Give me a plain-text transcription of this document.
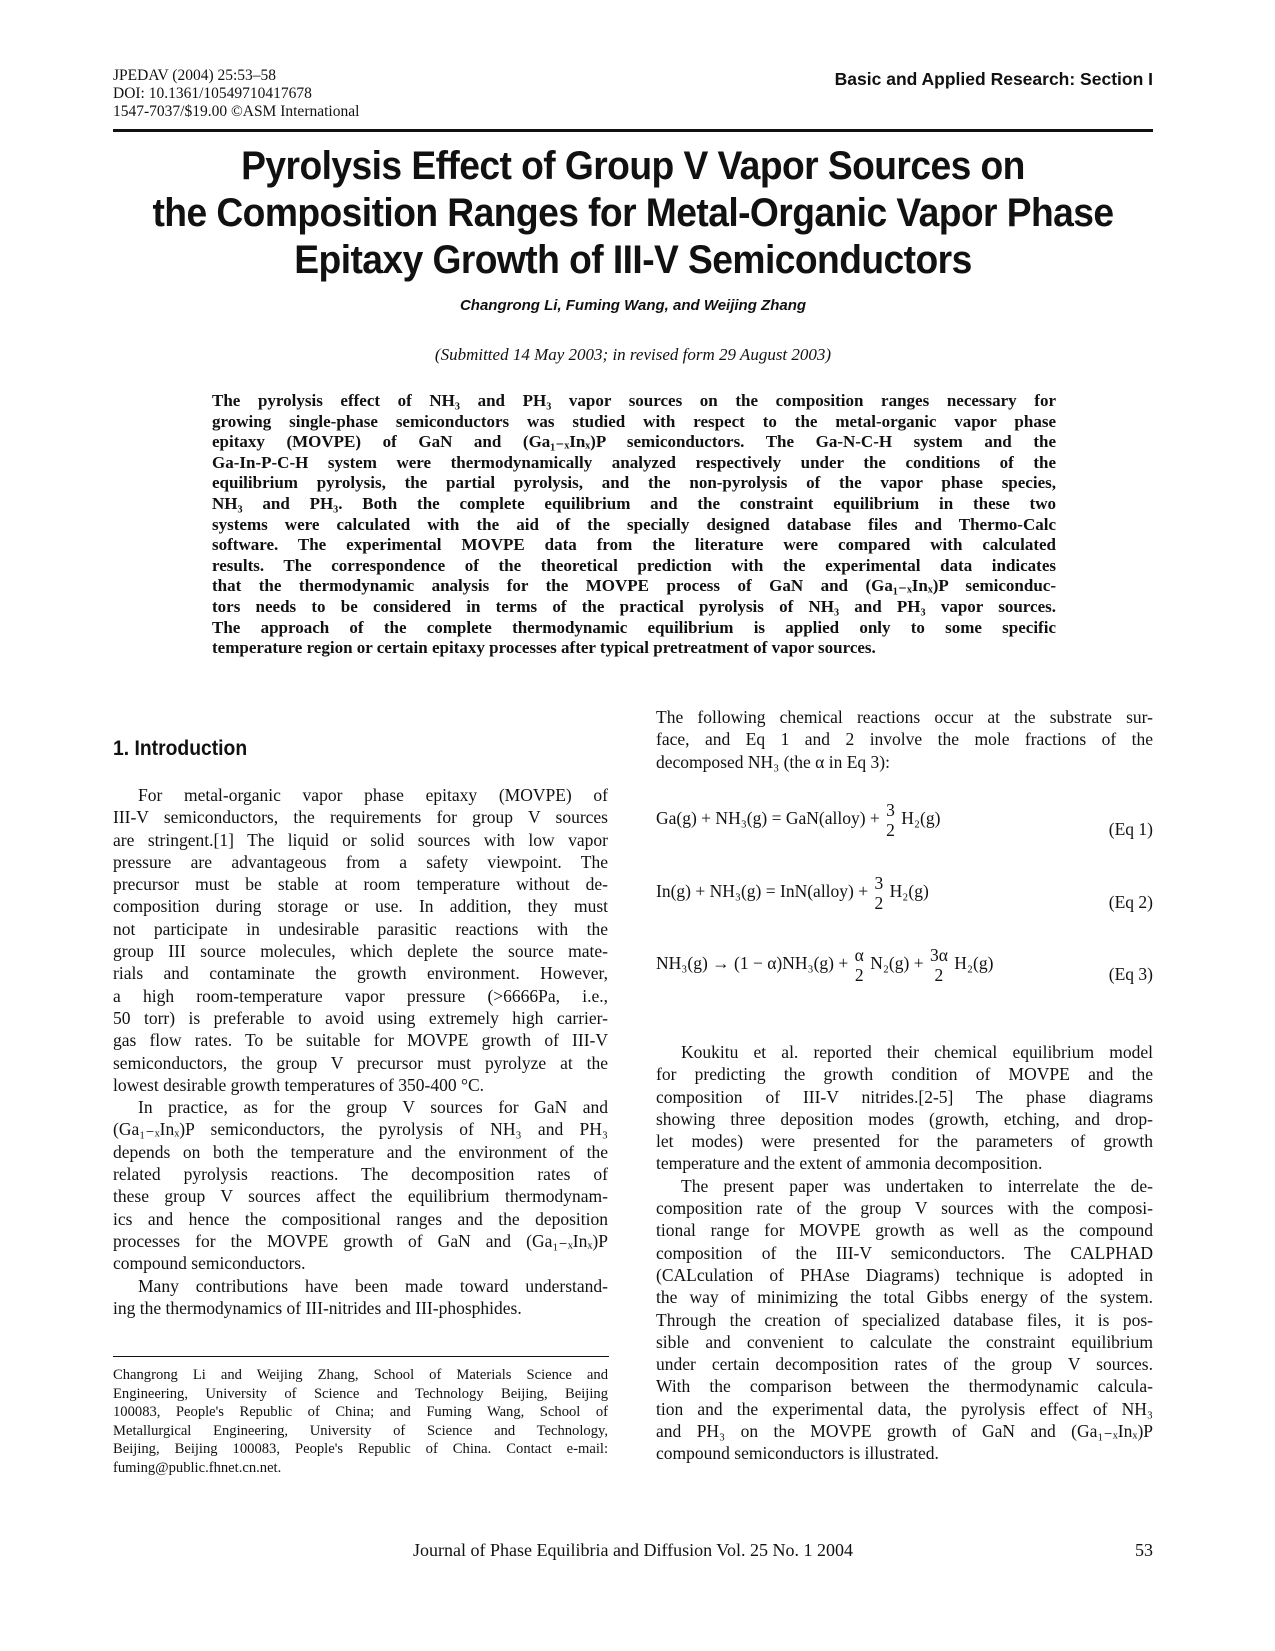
JPEDAV (2004) 25:53–58
DOI: 10.1361/10549710417678
1547-7037/$19.00 ©ASM International
Basic and Applied Research: Section I
Pyrolysis Effect of Group V Vapor Sources on
the Composition Ranges for Metal-Organic Vapor Phase
Epitaxy Growth of III-V Semiconductors
Changrong Li, Fuming Wang, and Weijing Zhang
(Submitted 14 May 2003; in revised form 29 August 2003)
The pyrolysis effect of NH₃ and PH₃ vapor sources on the composition ranges necessary for
growing single-phase semiconductors was studied with respect to the metal-organic vapor phase
epitaxy (MOVPE) of GaN and (Ga₁₋ₓInₓ)P semiconductors. The Ga-N-C-H system and the
Ga-In-P-C-H system were thermodynamically analyzed respectively under the conditions of the
equilibrium pyrolysis, the partial pyrolysis, and the non-pyrolysis of the vapor phase species,
NH₃ and PH₃. Both the complete equilibrium and the constraint equilibrium in these two
systems were calculated with the aid of the specially designed database files and Thermo-Calc
software. The experimental MOVPE data from the literature were compared with calculated
results. The correspondence of the theoretical prediction with the experimental data indicates
that the thermodynamic analysis for the MOVPE process of GaN and (Ga₁₋ₓInₓ)P semiconduc-
tors needs to be considered in terms of the practical pyrolysis of NH₃ and PH₃ vapor sources.
The approach of the complete thermodynamic equilibrium is applied only to some specific
temperature region or certain epitaxy processes after typical pretreatment of vapor sources.
1. Introduction
For metal-organic vapor phase epitaxy (MOVPE) of
III-V semiconductors, the requirements for group V sources
are stringent.[1] The liquid or solid sources with low vapor
pressure are advantageous from a safety viewpoint. The
precursor must be stable at room temperature without de-
composition during storage or use. In addition, they must
not participate in undesirable parasitic reactions with the
group III source molecules, which deplete the source mate-
rials and contaminate the growth environment. However,
a high room-temperature vapor pressure (>6666Pa, i.e.,
50 torr) is preferable to avoid using extremely high carrier-
gas flow rates. To be suitable for MOVPE growth of III-V
semiconductors, the group V precursor must pyrolyze at the
lowest desirable growth temperatures of 350-400 °C.
In practice, as for the group V sources for GaN and
(Ga₁₋ₓInₓ)P semiconductors, the pyrolysis of NH₃ and PH₃
depends on both the temperature and the environment of the
related pyrolysis reactions. The decomposition rates of
these group V sources affect the equilibrium thermodynam-
ics and hence the compositional ranges and the deposition
processes for the MOVPE growth of GaN and (Ga₁₋ₓInₓ)P
compound semiconductors.
Many contributions have been made toward understand-
ing the thermodynamics of III-nitrides and III-phosphides.
Changrong Li and Weijing Zhang, School of Materials Science and
Engineering, University of Science and Technology Beijing, Beijing
100083, People's Republic of China; and Fuming Wang, School of
Metallurgical Engineering, University of Science and Technology,
Beijing, Beijing 100083, People's Republic of China. Contact e-mail:
fuming@public.fhnet.cn.net.
The following chemical reactions occur at the substrate sur-
face, and Eq 1 and 2 involve the mole fractions of the
decomposed NH₃ (the α in Eq 3):
Ga(g) + NH₃(g) = GaN(alloy) + 3
2
H₂(g)
(Eq 1)
In(g) + NH₃(g) = InN(alloy) + 3
2
H₂(g)
(Eq 2)
NH₃(g) → (1 − α)NH₃(g) + α
2
N₂(g) + 3α
2
H₂(g)
(Eq 3)
Koukitu et al. reported their chemical equilibrium model
for predicting the growth condition of MOVPE and the
composition of III-V nitrides.[2-5] The phase diagrams
showing three deposition modes (growth, etching, and drop-
let modes) were presented for the parameters of growth
temperature and the extent of ammonia decomposition.
The present paper was undertaken to interrelate the de-
composition rate of the group V sources with the composi-
tional range for MOVPE growth as well as the compound
composition of the III-V semiconductors. The CALPHAD
(CALculation of PHAse Diagrams) technique is adopted in
the way of minimizing the total Gibbs energy of the system.
Through the creation of specialized database files, it is pos-
sible and convenient to calculate the constraint equilibrium
under certain decomposition rates of the group V sources.
With the comparison between the thermodynamic calcula-
tion and the experimental data, the pyrolysis effect of NH₃
and PH₃ on the MOVPE growth of GaN and (Ga₁₋ₓInₓ)P
compound semiconductors is illustrated.
Journal of Phase Equilibria and Diffusion Vol. 25 No. 1 2004	53
